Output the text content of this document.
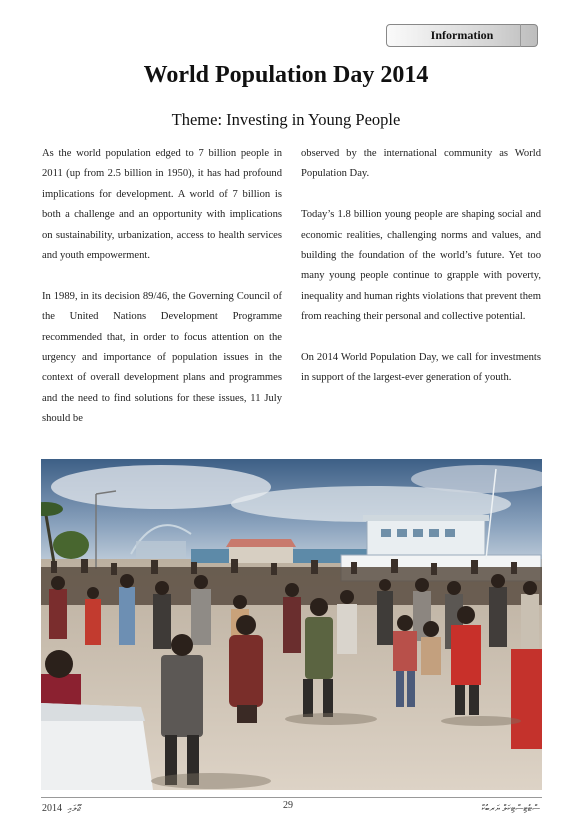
Information
World Population Day 2014
Theme: Investing in Young People

As the world population edged to 7 billion people in 2011 (up from 2.5 billion in 1950), it has had profound implications for development. A world of 7 billion is both a challenge and an opportunity with implications on sustainability, urbanization, access to health services and youth empowerment.

In 1989, in its decision 89/46, the Governing Council of the United Nations Development Programme recommended that, in order to focus attention on the urgency and importance of population issues in the context of overall development plans and programmes and the need to find solutions for these issues, 11 July should be

observed by the international community as World Population Day.

Today’s 1.8 billion young people are shaping social and economic realities, challenging norms and values, and building the foundation of the world’s future. Yet too many young people continue to grapple with poverty, inequality and human rights violations that prevent them from reaching their personal and collective potential.

On 2014 World Population Day, we call for investments in support of the largest-ever generation of youth.

2014 ޖޫލައި	29	ސްޓެޓިސްޓިކަލް ޔަރބުކް
